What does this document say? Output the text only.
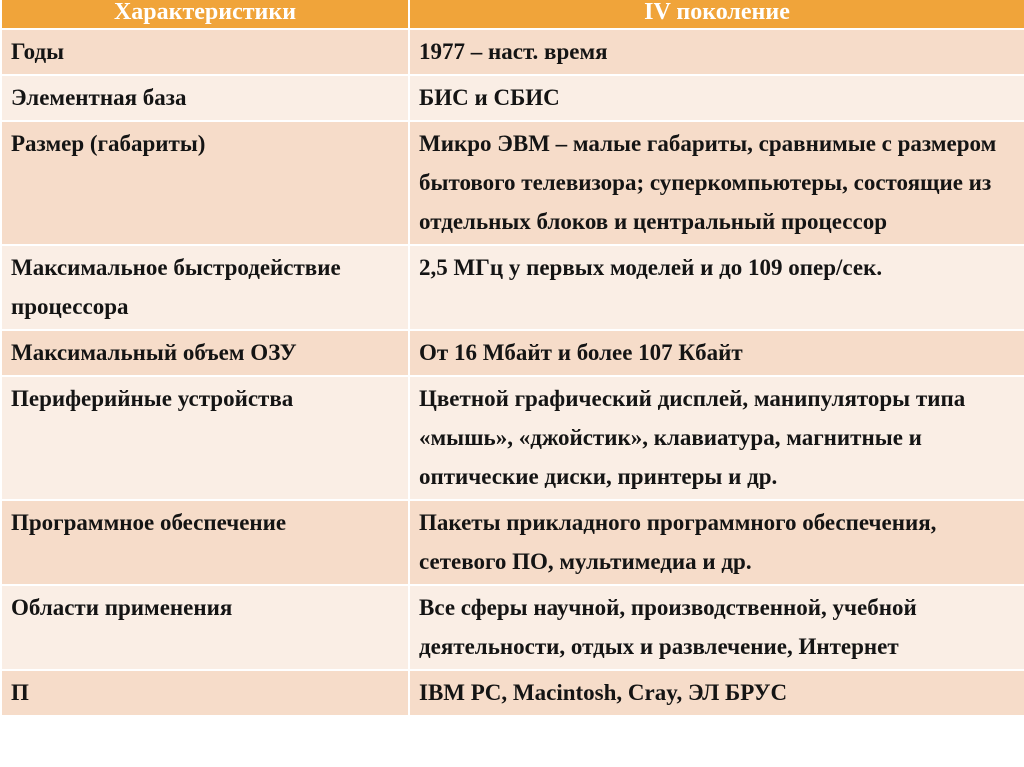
Характеристики	IV поколение
Годы	1977 – наст. время
Элементная база	БИС и СБИС
Размер (габариты)	Микро ЭВМ – малые габариты, сравнимые с размером бытового телевизора; суперкомпьютеры, состоящие из отдельных блоков и центральный процессор
Максимальное быстродействие процессора	2,5 МГц у первых моделей и до 109 опер/сек.
Максимальный объем ОЗУ	От 16 Мбайт и более 107 Кбайт
Периферийные устройства	Цветной графический дисплей, манипуляторы типа «мышь», «джойстик», клавиатура, магнитные и оптические диски, принтеры и др.
Программное обеспечение	Пакеты прикладного программного обеспечения, сетевого ПО, мультимедиа и др.
Области применения	Все сферы научной, производственной, учебной деятельности, отдых и развлечение, Интернет
П	IBM PC, Macintosh, Cray, ЭЛ БРУС
